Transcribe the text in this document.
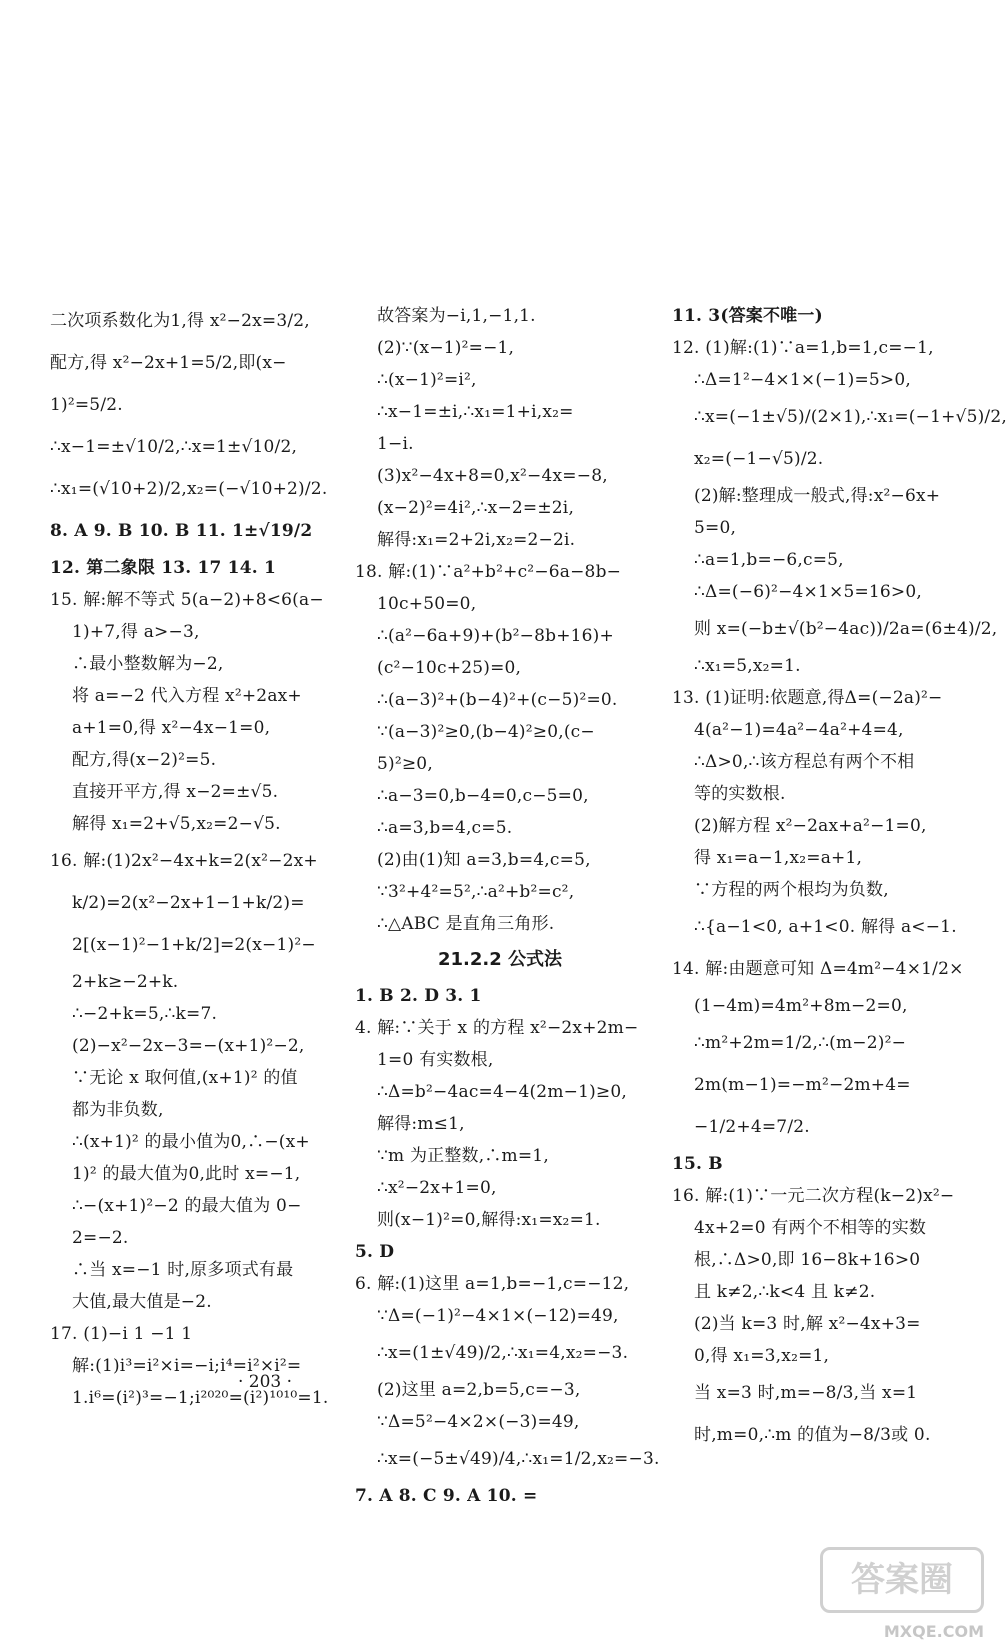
二次项系数化为1,得 x²−2x=3/2,
配方,得 x²−2x+1=5/2,即(x−
1)²=5/2.
∴x−1=±√10/2,∴x=1±√10/2,
∴x₁=(√10+2)/2,x₂=(−√10+2)/2.
8. A 9. B 10. B 11. 1±√19/2
12. 第二象限 13. 17 14. 1
15. 解:解不等式 5(a−2)+8<6(a−
1)+7,得 a>−3,
∴最小整数解为−2,
将 a=−2 代入方程 x²+2ax+
a+1=0,得 x²−4x−1=0,
配方,得(x−2)²=5.
直接开平方,得 x−2=±√5.
解得 x₁=2+√5,x₂=2−√5.
16. 解:(1)2x²−4x+k=2(x²−2x+
k/2)=2(x²−2x+1−1+k/2)=
2[(x−1)²−1+k/2]=2(x−1)²−
2+k≥−2+k.
∴−2+k=5,∴k=7.
(2)−x²−2x−3=−(x+1)²−2,
∵无论 x 取何值,(x+1)² 的值
都为非负数,
∴(x+1)² 的最小值为0,∴−(x+
1)² 的最大值为0,此时 x=−1,
∴−(x+1)²−2 的最大值为 0−
2=−2.
∴当 x=−1 时,原多项式有最
大值,最大值是−2.
17. (1)−i 1 −1 1
解:(1)i³=i²×i=−i;i⁴=i²×i²=
1.i⁶=(i²)³=−1;i²⁰²⁰=(i²)¹⁰¹⁰=1.
故答案为−i,1,−1,1.
(2)∵(x−1)²=−1,
∴(x−1)²=i²,
∴x−1=±i,∴x₁=1+i,x₂=
1−i.
(3)x²−4x+8=0,x²−4x=−8,
(x−2)²=4i²,∴x−2=±2i,
解得:x₁=2+2i,x₂=2−2i.
18. 解:(1)∵a²+b²+c²−6a−8b−
10c+50=0,
∴(a²−6a+9)+(b²−8b+16)+
(c²−10c+25)=0,
∴(a−3)²+(b−4)²+(c−5)²=0.
∵(a−3)²≥0,(b−4)²≥0,(c−
5)²≥0,
∴a−3=0,b−4=0,c−5=0,
∴a=3,b=4,c=5.
(2)由(1)知 a=3,b=4,c=5,
∵3²+4²=5²,∴a²+b²=c²,
∴△ABC 是直角三角形.
21.2.2 公式法
1. B 2. D 3. 1
4. 解:∵关于 x 的方程 x²−2x+2m−
1=0 有实数根,
∴Δ=b²−4ac=4−4(2m−1)≥0,
解得:m≤1,
∵m 为正整数,∴m=1,
∴x²−2x+1=0,
则(x−1)²=0,解得:x₁=x₂=1.
5. D
6. 解:(1)这里 a=1,b=−1,c=−12,
∵Δ=(−1)²−4×1×(−12)=49,
∴x=(1±√49)/2,∴x₁=4,x₂=−3.
(2)这里 a=2,b=5,c=−3,
∵Δ=5²−4×2×(−3)=49,
∴x=(−5±√49)/4,∴x₁=1/2,x₂=−3.
7. A 8. C 9. A 10. =
11. 3(答案不唯一)
12. (1)解:(1)∵a=1,b=1,c=−1,
∴Δ=1²−4×1×(−1)=5>0,
∴x=(−1±√5)/(2×1),∴x₁=(−1+√5)/2,
x₂=(−1−√5)/2.
(2)解:整理成一般式,得:x²−6x+
5=0,
∴a=1,b=−6,c=5,
∴Δ=(−6)²−4×1×5=16>0,
则 x=(−b±√(b²−4ac))/2a=(6±4)/2,
∴x₁=5,x₂=1.
13. (1)证明:依题意,得Δ=(−2a)²−
4(a²−1)=4a²−4a²+4=4,
∴Δ>0,∴该方程总有两个不相
等的实数根.
(2)解方程 x²−2ax+a²−1=0,
得 x₁=a−1,x₂=a+1,
∵方程的两个根均为负数,
∴{a−1<0, a+1<0. 解得 a<−1.
14. 解:由题意可知 Δ=4m²−4×1/2×
(1−4m)=4m²+8m−2=0,
∴m²+2m=1/2,∴(m−2)²−
2m(m−1)=−m²−2m+4=
−1/2+4=7/2.
15. B
16. 解:(1)∵一元二次方程(k−2)x²−
4x+2=0 有两个不相等的实数
根,∴Δ>0,即 16−8k+16>0
且 k≠2,∴k<4 且 k≠2.
(2)当 k=3 时,解 x²−4x+3=
0,得 x₁=3,x₂=1,
当 x=3 时,m=−8/3,当 x=1
时,m=0,∴m 的值为−8/3或 0.
· 203 ·
答案圈
MXQE.COM
